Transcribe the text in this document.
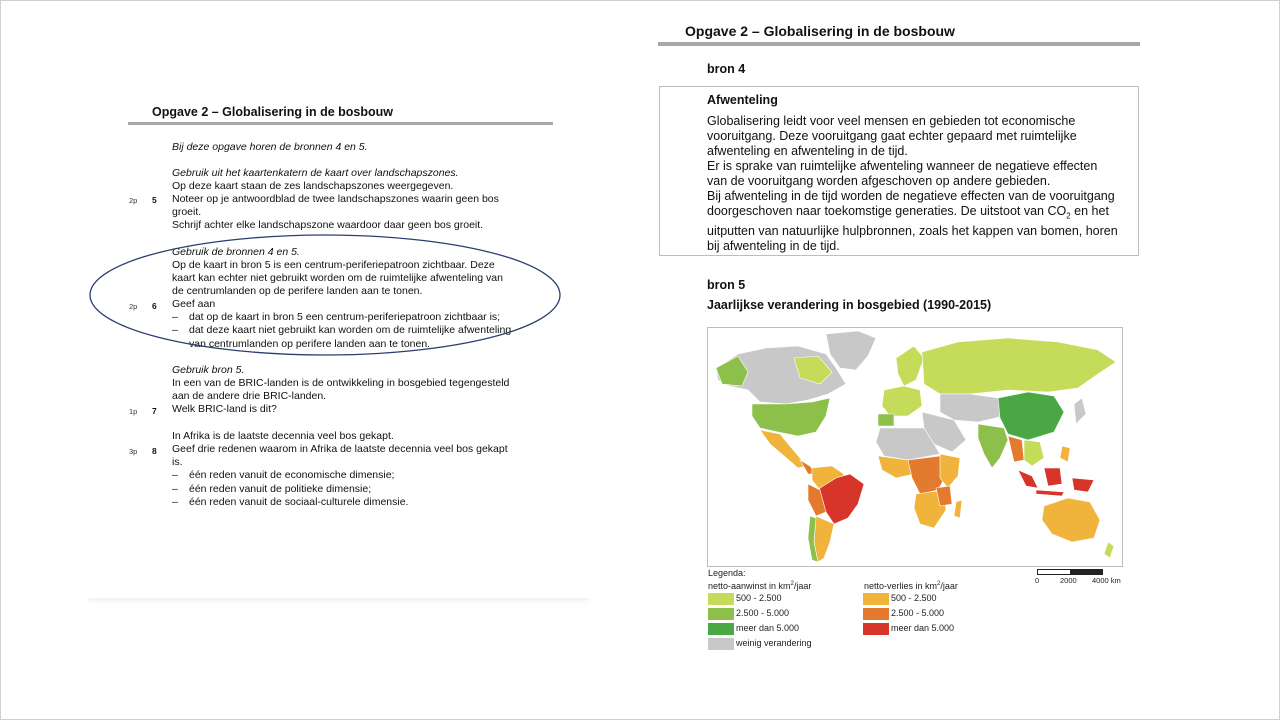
Opgave 2 – Globalisering in de bosbouw
Bij deze opgave horen de bronnen 4 en 5.
Gebruik uit het kaartenkatern de kaart over landschapszones.
Op deze kaart staan de zes landschapszones weergegeven.
2p 5 Noteer op je antwoordblad de twee landschapszones waarin geen bos
groeit.
Schrijf achter elke landschapszone waardoor daar geen bos groeit.
Gebruik de bronnen 4 en 5.
Op de kaart in bron 5 is een centrum-periferiepatroon zichtbaar. Deze
kaart kan echter niet gebruikt worden om de ruimtelijke afwenteling van
de centrumlanden op de perifere landen aan te tonen.
2p 6 Geef aan
– dat op de kaart in bron 5 een centrum-periferiepatroon zichtbaar is;
– dat deze kaart niet gebruikt kan worden om de ruimtelijke afwenteling
van centrumlanden op perifere landen aan te tonen.
Gebruik bron 5.
In een van de BRIC-landen is de ontwikkeling in bosgebied tegengesteld
aan de andere drie BRIC-landen.
1p 7 Welk BRIC-land is dit?
In Afrika is de laatste decennia veel bos gekapt.
3p 8 Geef drie redenen waarom in Afrika de laatste decennia veel bos gekapt
is.
– één reden vanuit de economische dimensie;
– één reden vanuit de politieke dimensie;
– één reden vanuit de sociaal-culturele dimensie.
Opgave 2 – Globalisering in de bosbouw
bron 4
Afwenteling
Globalisering leidt voor veel mensen en gebieden tot economische
vooruitgang. Deze vooruitgang gaat echter gepaard met ruimtelijke
afwenteling en afwenteling in de tijd.
Er is sprake van ruimtelijke afwenteling wanneer de negatieve effecten
van de vooruitgang worden afgeschoven op andere gebieden.
Bij afwenteling in de tijd worden de negatieve effecten van de vooruitgang
doorgeschoven naar toekomstige generaties. De uitstoot van $CO_2$ en het
uitputten van natuurlijke hulpbronnen, zoals het kappen van bomen, horen
bij afwenteling in de tijd.
bron 5
Jaarlijkse verandering in bosgebied (1990-2015)
Legenda:
netto-aanwinst in $km^2$/jaar	netto-verlies in $km^2$/jaar
500 - 2.500
2.500 - 5.000
meer dan 5.000
weinig verandering
500 - 2.500
2.500 - 5.000
meer dan 5.000
0	2000 4000 km
